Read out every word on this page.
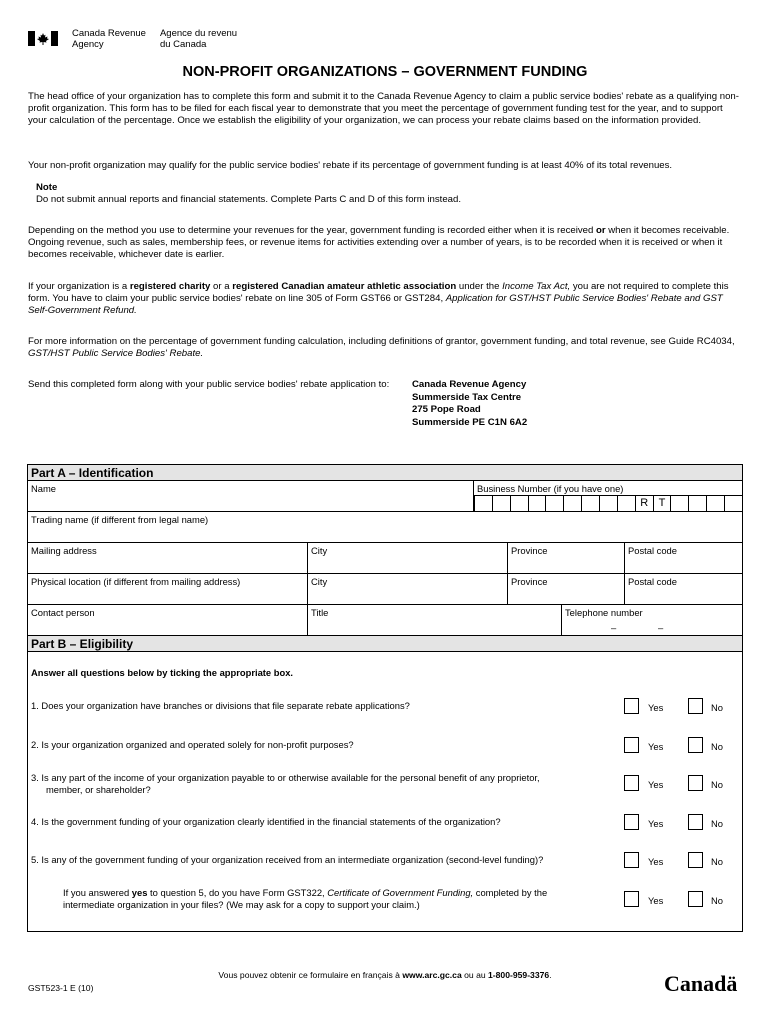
Canada Revenue
Agency
Agence du revenu
du Canada
NON-PROFIT ORGANIZATIONS – GOVERNMENT FUNDING
The head office of your organization has to complete this form and submit it to the Canada Revenue Agency to claim a public service bodies' rebate as a qualifying non-profit organization. This form has to be filed for each fiscal year to demonstrate that you meet the percentage of government funding test for the year, and to support your calculation of the percentage. Once we establish the eligibility of your organization, we can process your rebate claims based on the information provided.
Your non-profit organization may qualify for the public service bodies' rebate if its percentage of government funding is at least 40% of its total revenues.
Note
Do not submit annual reports and financial statements. Complete Parts C and D of this form instead.
Depending on the method you use to determine your revenues for the year, government funding is recorded either when it is received or when it becomes receivable. Ongoing revenue, such as sales, membership fees, or revenue items for activities extending over a number of years, is to be recorded when it is received or when it becomes receivable, whichever date is earlier.
If your organization is a registered charity or a registered Canadian amateur athletic association under the Income Tax Act, you are not required to complete this form. You have to claim your public service bodies' rebate on line 305 of Form GST66 or GST284, Application for GST/HST Public Service Bodies' Rebate and GST Self-Government Refund.
For more information on the percentage of government funding calculation, including definitions of grantor, government funding, and total revenue, see Guide RC4034, GST/HST Public Service Bodies' Rebate.
Send this completed form along with your public service bodies' rebate application to:	Canada Revenue Agency
Summerside Tax Centre
275 Pope Road
Summerside PE C1N 6A2
Part A – Identification
Name	Business Number (if you have one)
R T
Trading name (if different from legal name)
Mailing address	City	Province	Postal code
Physical location (if different from mailing address)	City	Province	Postal code
Contact person	Title	Telephone number
–	–
Part B – Eligibility
Answer all questions below by ticking the appropriate box.
1. Does your organization have branches or divisions that file separate rebate applications?	Yes	No
2. Is your organization organized and operated solely for non-profit purposes?	Yes	No
3. Is any part of the income of your organization payable to or otherwise available for the personal benefit of any proprietor,
member, or shareholder?	Yes	No
4. Is the government funding of your organization clearly identified in the financial statements of the organization?	Yes	No
5. Is any of the government funding of your organization received from an intermediate organization (second-level funding)?	Yes	No
If you answered yes to question 5, do you have Form GST322, Certificate of Government Funding, completed by the
intermediate organization in your files? (We may ask for a copy to support your claim.)	Yes	No
Vous pouvez obtenir ce formulaire en français à www.arc.gc.ca ou au 1-800-959-3376.
GST523-1 E (10)	Canadä
